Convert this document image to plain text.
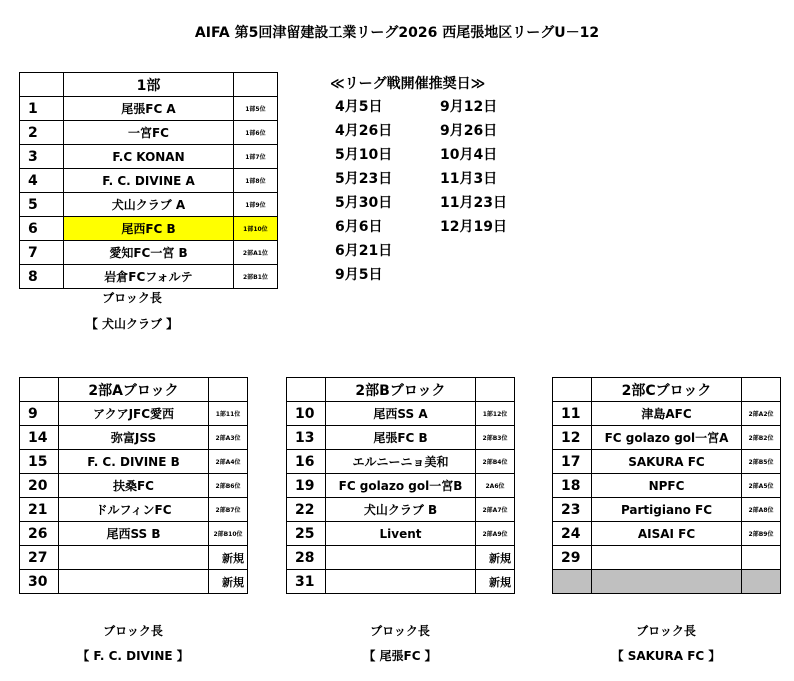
AIFA 第5回津留建設工業リーグ2026 西尾張地区リーグU－12
	1部	
1	尾張FC A	1部5位
2	一宮FC	1部6位
3	F.C KONAN	1部7位
4	F. C. DIVINE A	1部8位
5	犬山クラブ A	1部9位
6	尾西FC B	1部10位
7	愛知FC一宮 B	2部A1位
8	岩倉FCフォルテ	2部B1位
ブロック長
【 犬山クラブ 】
≪リーグ戦開催推奨日≫
4月5日
4月26日
5月10日
5月23日
5月30日
6月6日
6月21日
9月5日
9月12日
9月26日
10月4日
11月3日
11月23日
12月19日
	2部Aブロック	
9	アクアJFC愛西	1部11位
14	弥富JSS	2部A3位
15	F. C. DIVINE B	2部A4位
20	扶桑FC	2部B6位
21	ドルフィンFC	2部B7位
26	尾西SS B	2部B10位
27		新規
30		新規
ブロック長
【 F. C. DIVINE 】
	2部Bブロック	
10	尾西SS A	1部12位
13	尾張FC B	2部B3位
16	エルニーニョ美和	2部B4位
19	FC golazo gol一宮B	2A6位
22	犬山クラブ B	2部A7位
25	Livent	2部A9位
28		新規
31		新規
ブロック長
【 尾張FC 】
	2部Cブロック	
11	津島AFC	2部A2位
12	FC golazo gol一宮A	2部B2位
17	SAKURA FC	2部B5位
18	NPFC	2部A5位
23	Partigiano FC	2部A8位
24	AISAI FC	2部B9位
29		

ブロック長
【 SAKURA FC 】
